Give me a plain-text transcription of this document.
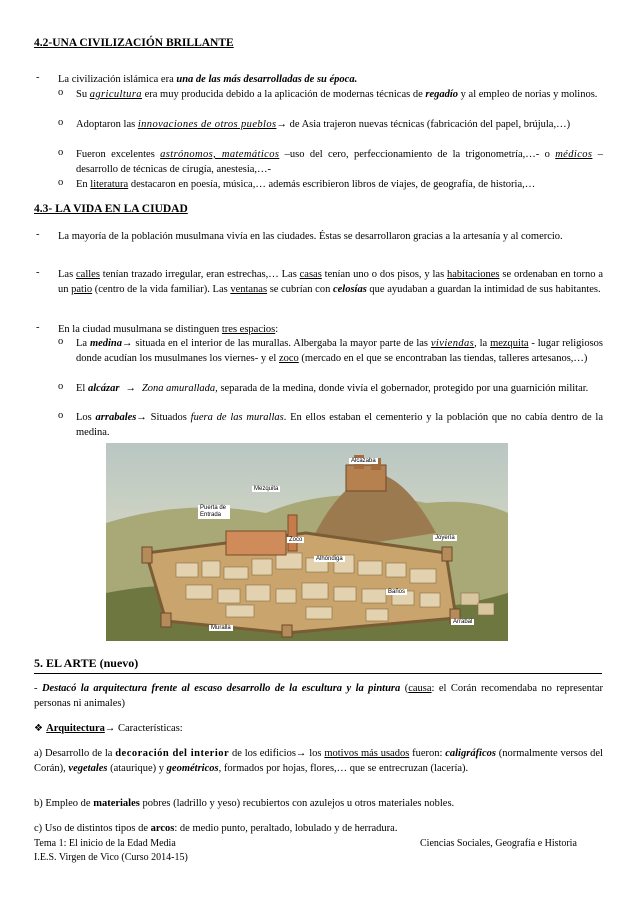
4.2-UNA CIVILIZACIÓN BRILLANTE
- La civilización islámica era una de las más desarrolladas de su época.
o Su agricultura era muy producida debido a la aplicación de modernas técnicas de regadío y al empleo de norias y molinos.
o Adoptaron las innovaciones de otros pueblos→ de Asia trajeron nuevas técnicas (fabricación del papel, brújula,…)
o Fueron excelentes astrónomos, matemáticos –uso del cero, perfeccionamiento de la trigonometría,…- o médicos –desarrollo de técnicas de cirugía, anestesia,…-
o En literatura destacaron en poesía, música,… además escribieron libros de viajes, de geografía, de historia,…
4.3- LA VIDA EN LA CIUDAD
- La mayoría de la población musulmana vivía en las ciudades. Éstas se desarrollaron gracias a la artesanía y al comercio.
- Las calles tenían trazado irregular, eran estrechas,… Las casas tenían uno o dos pisos, y las habitaciones se ordenaban en torno a un patio (centro de la vida familiar). Las ventanas se cubrían con celosías que ayudaban a guardan la intimidad de sus habitantes.
- En la ciudad musulmana se distinguen tres espacios:
o La medina→ situada en el interior de las murallas. Albergaba la mayor parte de las viviendas, la mezquita - lugar religiosos donde acudían los musulmanes los viernes- y el zoco (mercado en el que se encontraban las tiendas, talleres artesanos,…)
o El alcázar → Zona amurallada, separada de la medina, donde vivía el gobernador, protegido por una guarnición militar.
o Los arrabales→ Situados fuera de las murallas. En ellos estaban el cementerio y la población que no cabía dentro de la medina.
Alcazaba
Mezquita
Puerta de Entrada
Zoco
Alhóndiga
Joyería
Baños
Muralla
Arrabal
5. EL ARTE (nuevo)
- Destacó la arquitectura frente al escaso desarrollo de la escultura y la pintura (causa: el Corán recomendaba no representar personas ni animales)
❖ Arquitectura→ Características:
a) Desarrollo de la decoración del interior de los edificios→ los motivos más usados fueron: caligráficos (normalmente versos del Corán), vegetales (ataurique) y geométricos, formados por hojas, flores,… que se entrecruzan (lacería).
b) Empleo de materiales pobres (ladrillo y yeso) recubiertos con azulejos u otros materiales nobles.
c) Uso de distintos tipos de arcos: de medio punto, peraltado, lobulado y de herradura.
Tema 1: El inicio de la Edad Media	Ciencias Sociales, Geografía e Historia
I.E.S. Virgen de Vico (Curso 2014-15)
